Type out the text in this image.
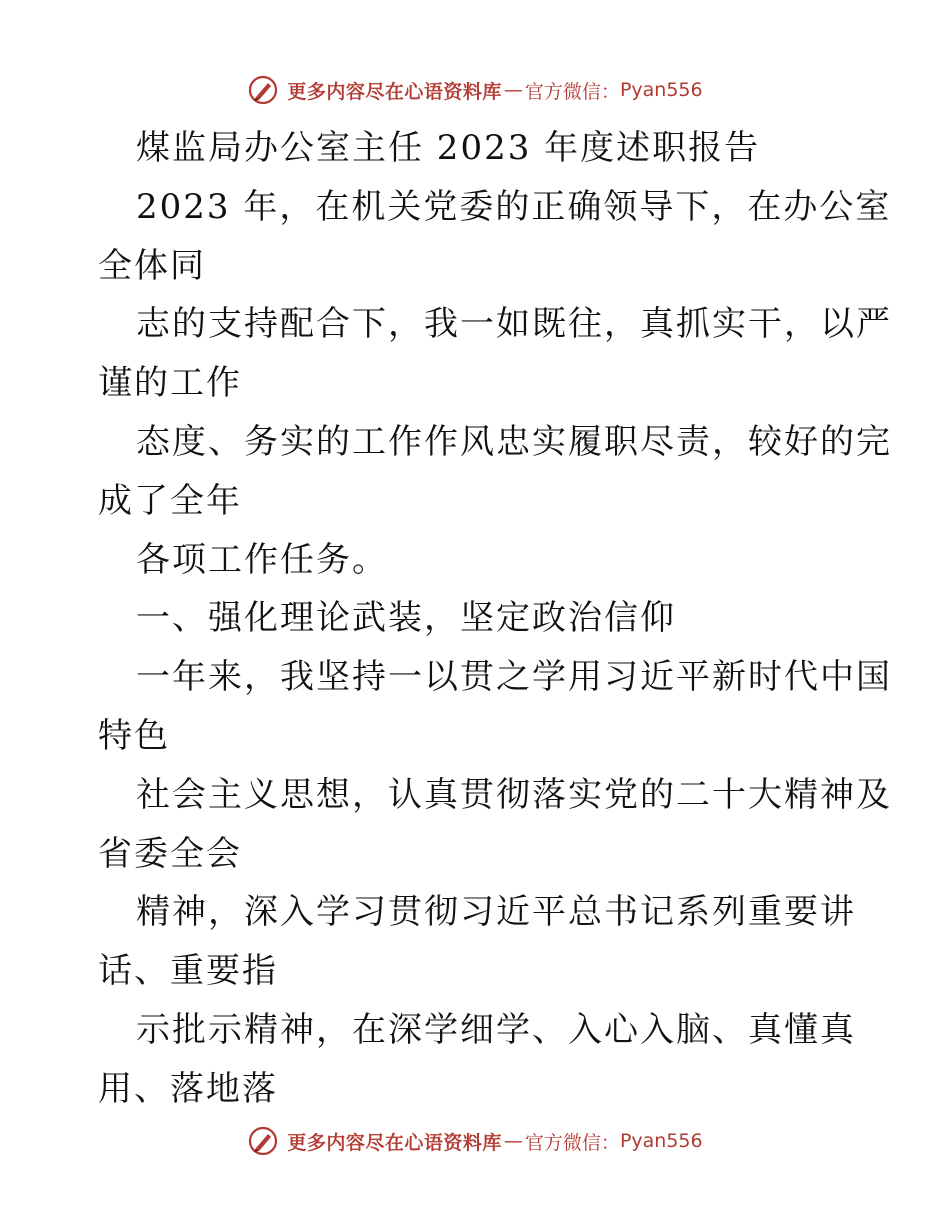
更多内容尽在心语资料库 — 官方微信： Pyan556
煤监局办公室主任 2023 年度述职报告
2023 年，在机关党委的正确领导下，在办公室
全体同
志的支持配合下，我一如既往，真抓实干，以严
谨的工作
态度、务实的工作作风忠实履职尽责，较好的完
成了全年
各项工作任务。
一、强化理论武装，坚定政治信仰
一年来，我坚持一以贯之学用习近平新时代中国
特色
社会主义思想，认真贯彻落实党的二十大精神及
省委全会
精神，深入学习贯彻习近平总书记系列重要讲
话、重要指
示批示精神，在深学细学、入心入脑、真懂真
用、落地落
更多内容尽在心语资料库 — 官方微信： Pyan556
